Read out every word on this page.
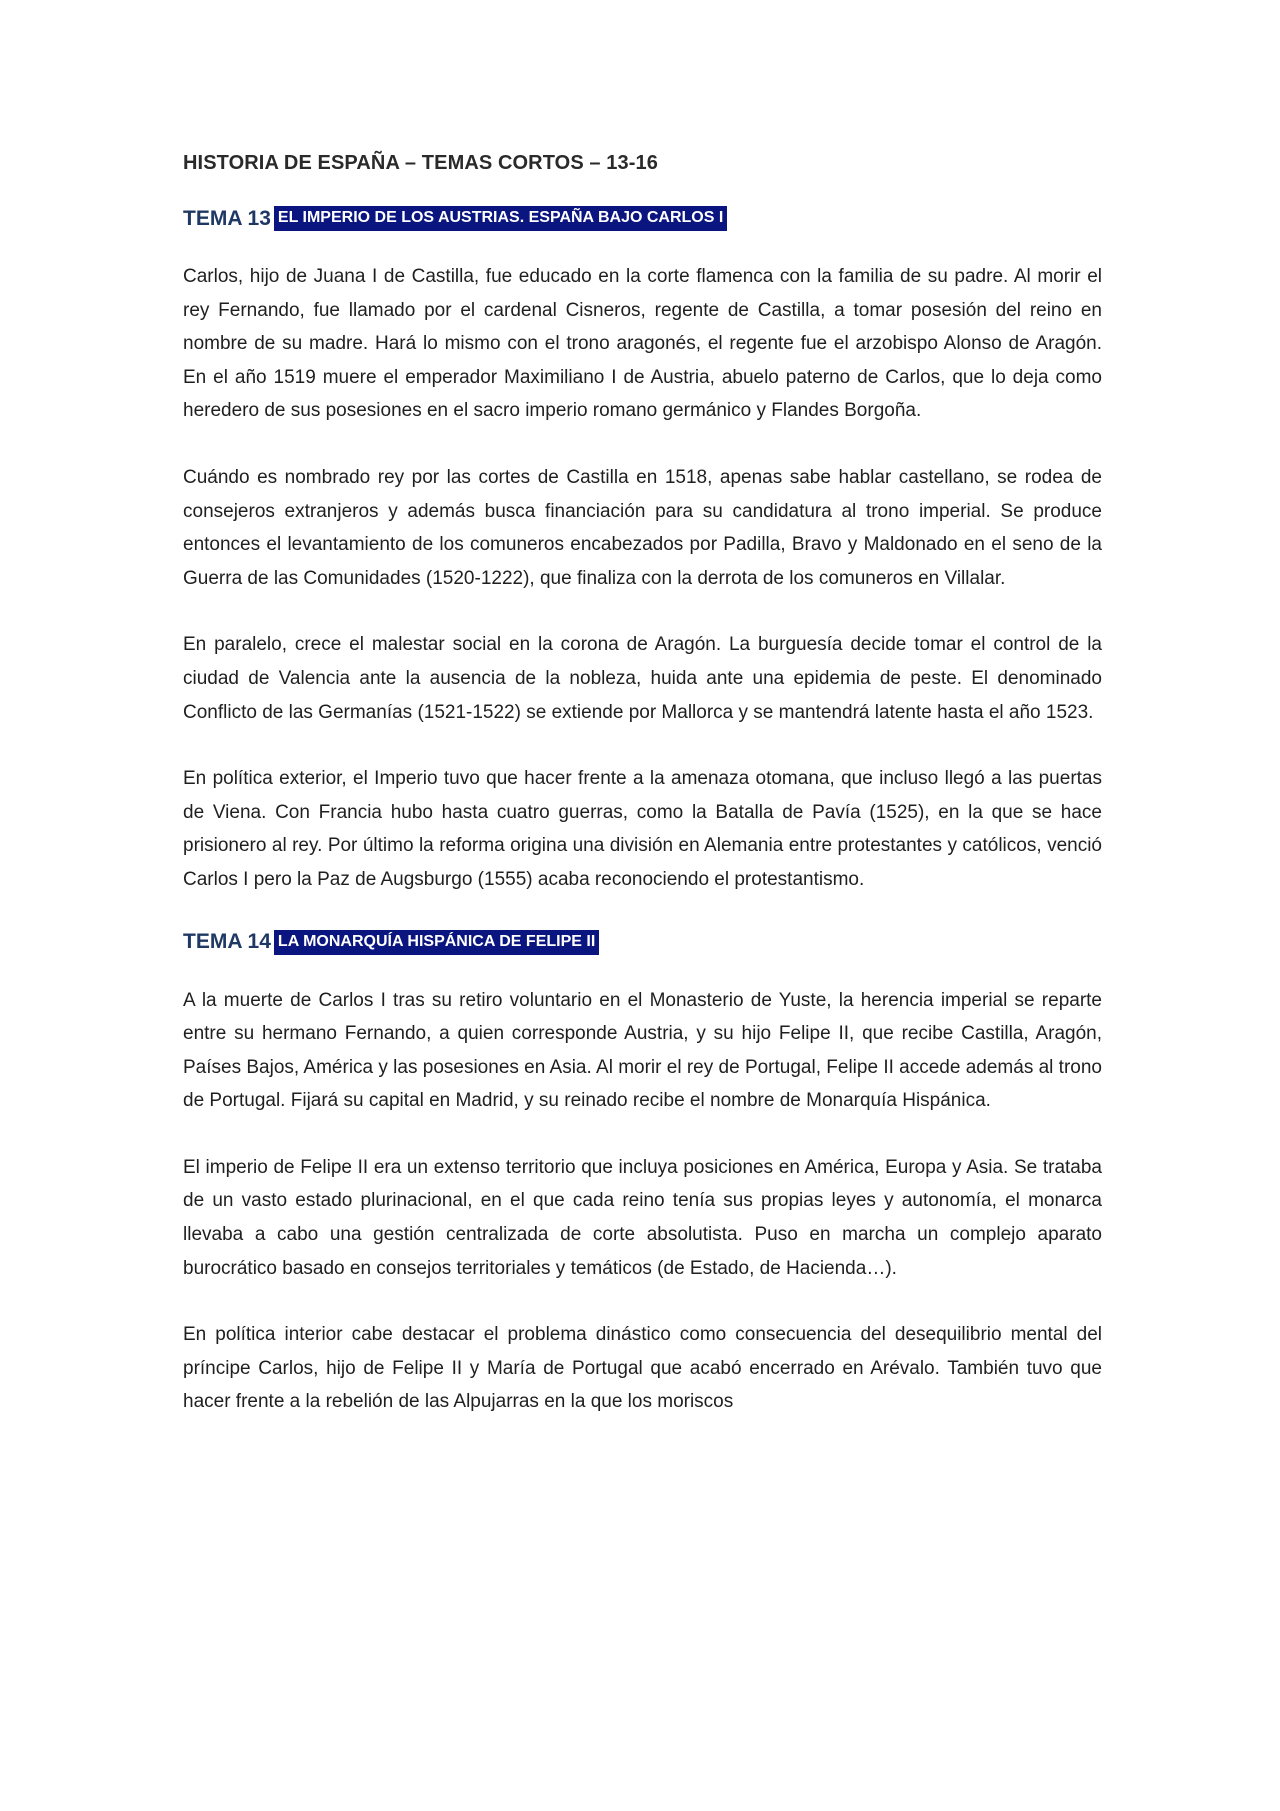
HISTORIA DE ESPAÑA – TEMAS CORTOS – 13-16
TEMA 13 EL IMPERIO DE LOS AUSTRIAS. ESPAÑA BAJO CARLOS I

Carlos, hijo de Juana I de Castilla, fue educado en la corte flamenca con la familia de su padre. Al morir el rey Fernando, fue llamado por el cardenal Cisneros, regente de Castilla, a tomar posesión del reino en nombre de su madre. Hará lo mismo con el trono aragonés, el regente fue el arzobispo Alonso de Aragón. En el año 1519 muere el emperador Maximiliano I de Austria, abuelo paterno de Carlos, que lo deja como heredero de sus posesiones en el sacro imperio romano germánico y Flandes Borgoña.

Cuándo es nombrado rey por las cortes de Castilla en 1518, apenas sabe hablar castellano, se rodea de consejeros extranjeros y además busca financiación para su candidatura al trono imperial. Se produce entonces el levantamiento de los comuneros encabezados por Padilla, Bravo y Maldonado en el seno de la Guerra de las Comunidades (1520-1222), que finaliza con la derrota de los comuneros en Villalar.

En paralelo, crece el malestar social en la corona de Aragón. La burguesía decide tomar el control de la ciudad de Valencia ante la ausencia de la nobleza, huida ante una epidemia de peste. El denominado Conflicto de las Germanías (1521-1522) se extiende por Mallorca y se mantendrá latente hasta el año 1523.

En política exterior, el Imperio tuvo que hacer frente a la amenaza otomana, que incluso llegó a las puertas de Viena. Con Francia hubo hasta cuatro guerras, como la Batalla de Pavía (1525), en la que se hace prisionero al rey. Por último la reforma origina una división en Alemania entre protestantes y católicos, venció Carlos I pero la Paz de Augsburgo (1555) acaba reconociendo el protestantismo.

TEMA 14 LA MONARQUÍA HISPÁNICA DE FELIPE II

A la muerte de Carlos I tras su retiro voluntario en el Monasterio de Yuste, la herencia imperial se reparte entre su hermano Fernando, a quien corresponde Austria, y su hijo Felipe II, que recibe Castilla, Aragón, Países Bajos, América y las posesiones en Asia. Al morir el rey de Portugal, Felipe II accede además al trono de Portugal. Fijará su capital en Madrid, y su reinado recibe el nombre de Monarquía Hispánica.

El imperio de Felipe II era un extenso territorio que incluya posiciones en América, Europa y Asia. Se trataba de un vasto estado plurinacional, en el que cada reino tenía sus propias leyes y autonomía, el monarca llevaba a cabo una gestión centralizada de corte absolutista. Puso en marcha un complejo aparato burocrático basado en consejos territoriales y temáticos (de Estado, de Hacienda…).

En política interior cabe destacar el problema dinástico como consecuencia del desequilibrio mental del príncipe Carlos, hijo de Felipe II y María de Portugal que acabó encerrado en Arévalo. También tuvo que hacer frente a la rebelión de las Alpujarras en la que los moriscos
